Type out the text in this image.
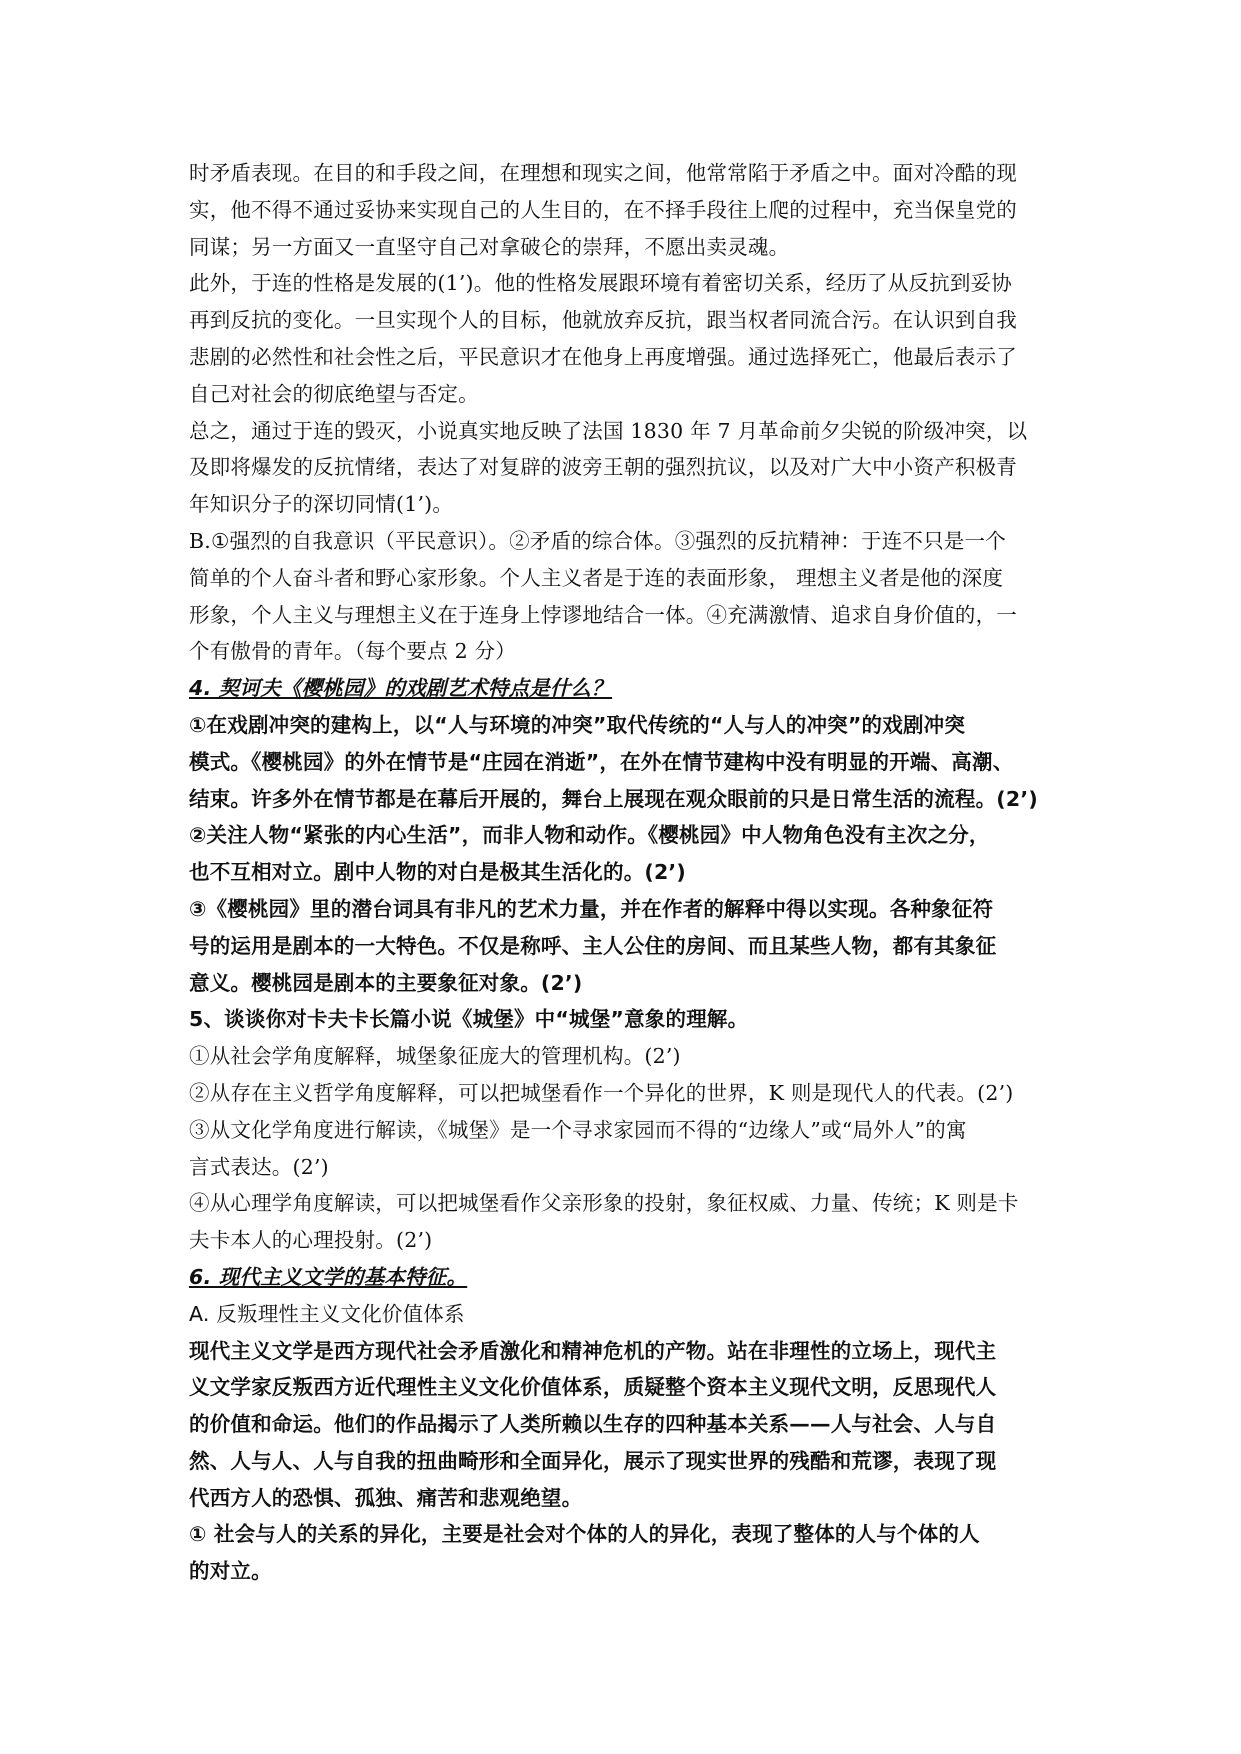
时矛盾表现。在目的和手段之间，在理想和现实之间，他常常陷于矛盾之中。面对冷酷的现
实，他不得不通过妥协来实现自己的人生目的，在不择手段往上爬的过程中，充当保皇党的
同谋；另一方面又一直坚守自己对拿破仑的崇拜，不愿出卖灵魂。
此外，于连的性格是发展的(1’)。他的性格发展跟环境有着密切关系，经历了从反抗到妥协
再到反抗的变化。一旦实现个人的目标，他就放弃反抗，跟当权者同流合污。在认识到自我
悲剧的必然性和社会性之后，平民意识才在他身上再度增强。通过选择死亡，他最后表示了
自己对社会的彻底绝望与否定。
总之，通过于连的毁灭，小说真实地反映了法国 1830 年 7 月革命前夕尖锐的阶级冲突，以
及即将爆发的反抗情绪，表达了对复辟的波旁王朝的强烈抗议，以及对广大中小资产积极青
年知识分子的深切同情(1’)。
B.①强烈的自我意识（平民意识）。②矛盾的综合体。③强烈的反抗精神：于连不只是一个
简单的个人奋斗者和野心家形象。个人主义者是于连的表面形象， 理想主义者是他的深度
形象，个人主义与理想主义在于连身上悖谬地结合一体。④充满激情、追求自身价值的，一
个有傲骨的青年。（每个要点 2 分）
4. 契诃夫《樱桃园》的戏剧艺术特点是什么？
①在戏剧冲突的建构上，以“人与环境的冲突”取代传统的“人与人的冲突”的戏剧冲突
模式。《樱桃园》的外在情节是“庄园在消逝”，在外在情节建构中没有明显的开端、高潮、
结束。许多外在情节都是在幕后开展的，舞台上展现在观众眼前的只是日常生活的流程。(2’)
②关注人物“紧张的内心生活”，而非人物和动作。《樱桃园》中人物角色没有主次之分，
也不互相对立。剧中人物的对白是极其生活化的。(2’)
③《樱桃园》里的潜台词具有非凡的艺术力量，并在作者的解释中得以实现。各种象征符
号的运用是剧本的一大特色。不仅是称呼、主人公住的房间、而且某些人物，都有其象征
意义。樱桃园是剧本的主要象征对象。(2’)
5、谈谈你对卡夫卡长篇小说《城堡》中“城堡”意象的理解。
①从社会学角度解释，城堡象征庞大的管理机构。(2’)
②从存在主义哲学角度解释，可以把城堡看作一个异化的世界，K 则是现代人的代表。(2’)
③从文化学角度进行解读，《城堡》是一个寻求家园而不得的“边缘人”或“局外人”的寓
言式表达。(2’)
④从心理学角度解读，可以把城堡看作父亲形象的投射，象征权威、力量、传统；K 则是卡
夫卡本人的心理投射。(2’)
6. 现代主义文学的基本特征。
A. 反叛理性主义文化价值体系
现代主义文学是西方现代社会矛盾激化和精神危机的产物。站在非理性的立场上，现代主
义文学家反叛西方近代理性主义文化价值体系，质疑整个资本主义现代文明，反思现代人
的价值和命运。他们的作品揭示了人类所赖以生存的四种基本关系——人与社会、人与自
然、人与人、人与自我的扭曲畸形和全面异化，展示了现实世界的残酷和荒谬，表现了现
代西方人的恐惧、孤独、痛苦和悲观绝望。
① 社会与人的关系的异化，主要是社会对个体的人的异化，表现了整体的人与个体的人
的对立。
